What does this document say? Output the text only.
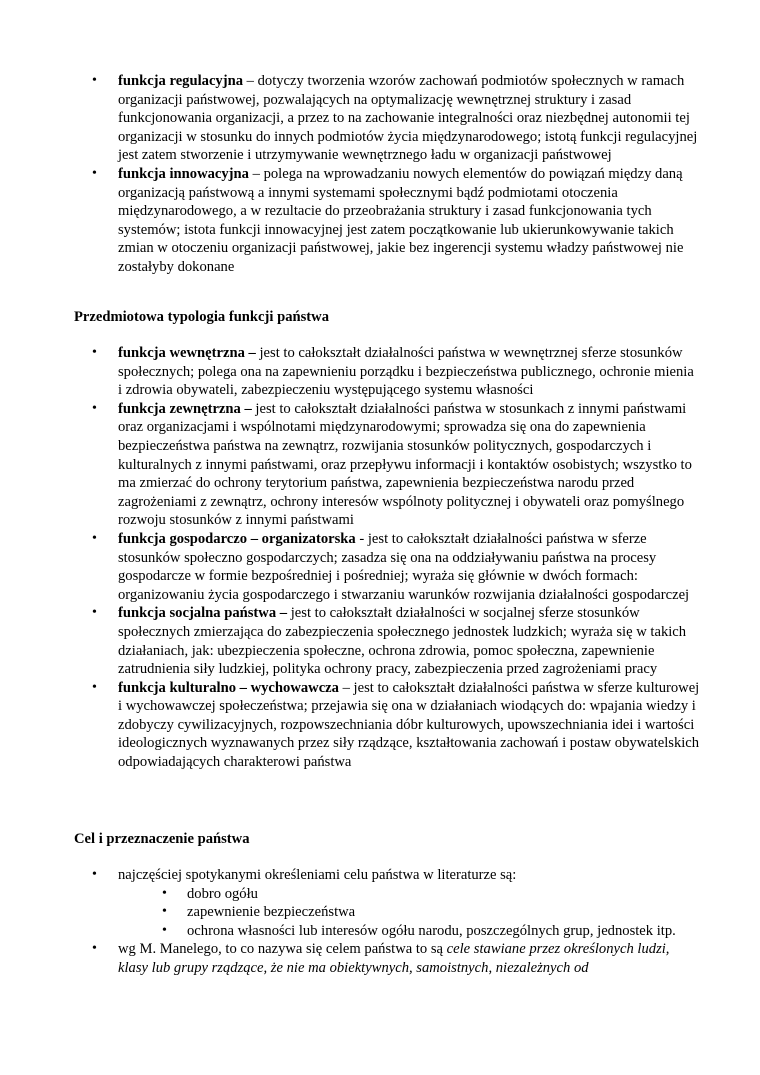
• funkcja regulacyjna – dotyczy tworzenia wzorów zachowań podmiotów społecznych w ramach organizacji państwowej, pozwalających na optymalizację wewnętrznej struktury i zasad funkcjonowania organizacji, a przez to na zachowanie integralności oraz niezbędnej autonomii tej organizacji w stosunku do innych podmiotów życia międzynarodowego; istotą funkcji regulacyjnej jest zatem stworzenie i utrzymywanie wewnętrznego ładu w organizacji państwowej
• funkcja innowacyjna – polega na wprowadzaniu nowych elementów do powiązań między daną organizacją państwową a innymi systemami społecznymi bądź podmiotami otoczenia międzynarodowego, a w rezultacie do przeobrażania struktury i zasad funkcjonowania tych systemów; istota funkcji innowacyjnej jest zatem początkowanie lub ukierunkowywanie takich zmian w otoczeniu organizacji państwowej, jakie bez ingerencji systemu władzy państwowej nie zostałyby dokonane
Przedmiotowa typologia funkcji państwa
• funkcja wewnętrzna – jest to całokształt działalności państwa w wewnętrznej sferze stosunków społecznych; polega ona na zapewnieniu porządku i bezpieczeństwa publicznego, ochronie mienia i zdrowia obywateli, zabezpieczeniu występującego systemu własności
• funkcja zewnętrzna – jest to całokształt działalności państwa w stosunkach z innymi państwami oraz organizacjami i wspólnotami międzynarodowymi; sprowadza się ona do zapewnienia bezpieczeństwa państwa na zewnątrz, rozwijania stosunków politycznych, gospodarczych i kulturalnych z innymi państwami, oraz przepływu informacji i kontaktów osobistych; wszystko to ma zmierzać do ochrony terytorium państwa, zapewnienia bezpieczeństwa narodu przed zagrożeniami z zewnątrz, ochrony interesów wspólnoty politycznej i obywateli oraz pomyślnego rozwoju stosunków z innymi państwami
• funkcja gospodarczo – organizatorska - jest to całokształt działalności państwa w sferze stosunków społeczno gospodarczych; zasadza się ona na oddziaływaniu państwa na procesy gospodarcze w formie bezpośredniej i pośredniej; wyraża się głównie w dwóch formach: organizowaniu życia gospodarczego i stwarzaniu warunków rozwijania działalności gospodarczej
• funkcja socjalna państwa – jest to całokształt działalności w socjalnej sferze stosunków społecznych zmierzająca do zabezpieczenia społecznego jednostek ludzkich; wyraża się w takich działaniach, jak: ubezpieczenia społeczne, ochrona zdrowia, pomoc społeczna, zapewnienie zatrudnienia siły ludzkiej, polityka ochrony pracy, zabezpieczenia przed zagrożeniami pracy
• funkcja kulturalno – wychowawcza – jest to całokształt działalności państwa w sferze kulturowej i wychowawczej społeczeństwa; przejawia się ona w działaniach wiodących do: wpajania wiedzy i zdobyczy cywilizacyjnych, rozpowszechniania dóbr kulturowych, upowszechniania idei i wartości ideologicznych wyznawanych przez siły rządzące, kształtowania zachowań i postaw obywatelskich odpowiadających charakterowi państwa
Cel i przeznaczenie państwa
• najczęściej spotykanymi określeniami celu państwa w literaturze są:
• dobro ogółu
• zapewnienie bezpieczeństwa
• ochrona własności lub interesów ogółu narodu, poszczególnych grup, jednostek itp.
• wg M. Manelego, to co nazywa się celem państwa to są cele stawiane przez określonych ludzi, klasy lub grupy rządzące, że nie ma obiektywnych, samoistnych, niezależnych od
